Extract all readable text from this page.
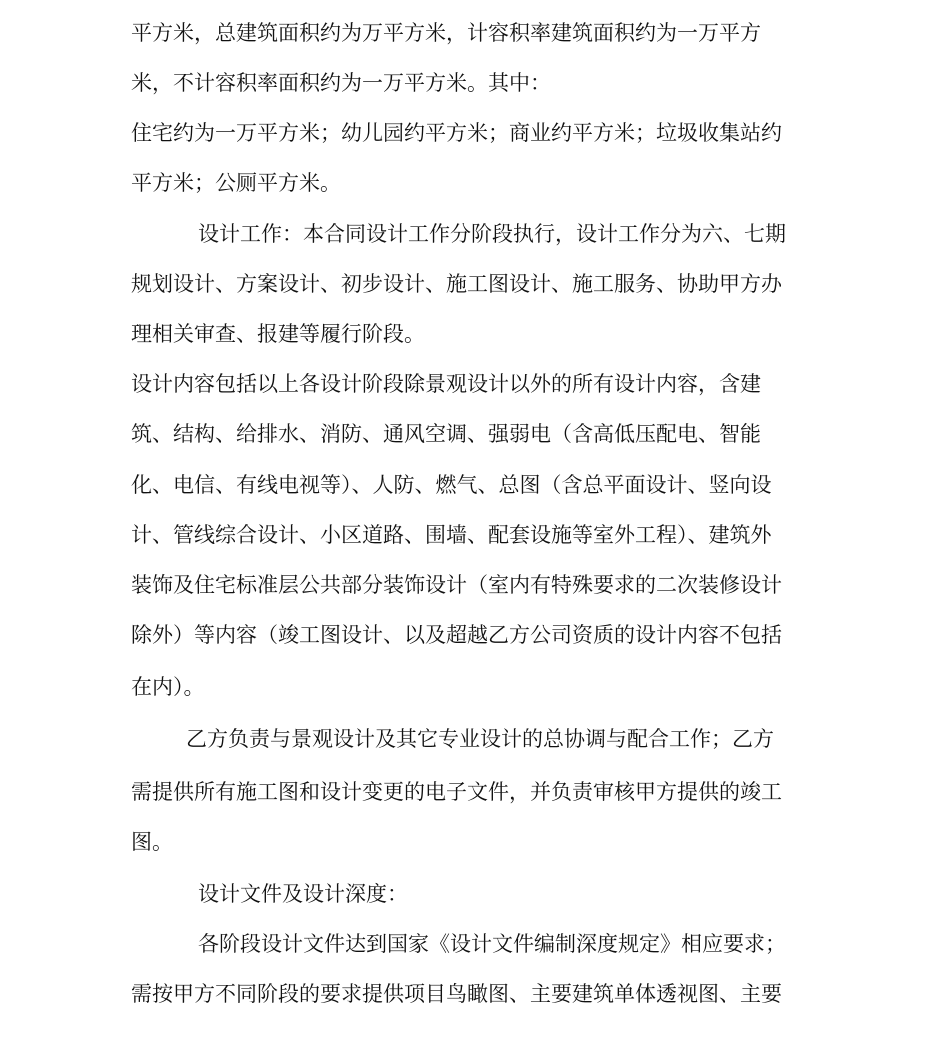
平方米，总建筑面积约为万平方米，计容积率建筑面积约为一万平方
米，不计容积率面积约为一万平方米。其中：
住宅约为一万平方米；幼儿园约平方米；商业约平方米；垃圾收集站约
平方米；公厕平方米。
设计工作：本合同设计工作分阶段执行，设计工作分为六、七期
规划设计、方案设计、初步设计、施工图设计、施工服务、协助甲方办
理相关审查、报建等履行阶段。
设计内容包括以上各设计阶段除景观设计以外的所有设计内容，含建
筑、结构、给排水、消防、通风空调、强弱电（含高低压配电、智能
化、电信、有线电视等）、人防、燃气、总图（含总平面设计、竖向设
计、管线综合设计、小区道路、围墙、配套设施等室外工程）、建筑外
装饰及住宅标准层公共部分装饰设计（室内有特殊要求的二次装修设计
除外）等内容（竣工图设计、以及超越乙方公司资质的设计内容不包括
在内）。
乙方负责与景观设计及其它专业设计的总协调与配合工作；乙方
需提供所有施工图和设计变更的电子文件，并负责审核甲方提供的竣工
图。
设计文件及设计深度：
各阶段设计文件达到国家《设计文件编制深度规定》相应要求；
需按甲方不同阶段的要求提供项目鸟瞰图、主要建筑单体透视图、主要
